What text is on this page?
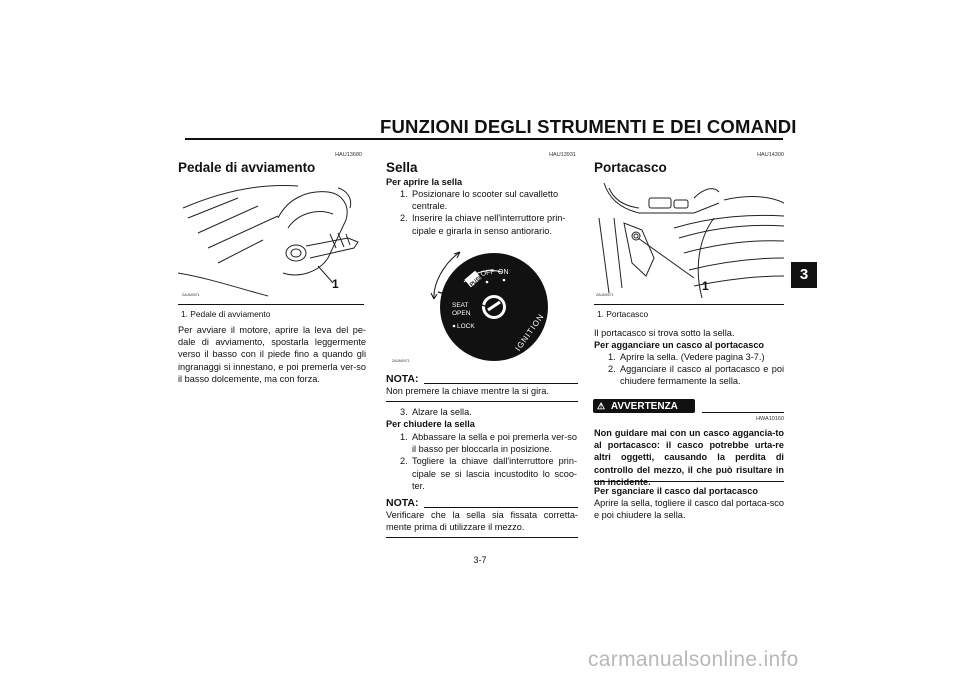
FUNZIONI DEGLI STRUMENTI E DEI COMANDI
3
HAU13680
Pedale di avviamento
ZAUM0071
1
1. Pedale di avviamento
Per avviare il motore, aprire la leva del pe-dale di avviamento, spostarla leggermente verso il basso con il piede fino a quando gli ingranaggi si innestano, e poi premerla ver-so il basso dolcemente, ma con forza.
HAU13931
Sella
Per aprire la sella
1. Posizionare lo scooter sul cavalletto centrale.
2. Inserire la chiave nell'interruttore prin-cipale e girarla in senso antiorario.
PUSH
OFF ON
SEAT
OPEN
LOCK	IGNITION
ZAUM0071
NOTA:
Non premere la chiave mentre la si gira.
3. Alzare la sella.
Per chiudere la sella
1. Abbassare la sella e poi premerla ver-so il basso per bloccarla in posizione.
2. Togliere la chiave dall'interruttore prin-cipale se si lascia incustodito lo scoo-ter.
NOTA:
Verificare che la sella sia fissata corretta-mente prima di utilizzare il mezzo.
HAU14300
Portacasco
ZAUM0071
1
1. Portacasco
Il portacasco si trova sotto la sella.
Per agganciare un casco al portacasco
1. Aprire la sella. (Vedere pagina 3-7.)
2. Agganciare il casco al portacasco e poi chiudere fermamente la sella.
⚠ AVVERTENZA
HWA10160
Non guidare mai con un casco aggancia-to al portacasco: il casco potrebbe urta-re altri oggetti, causando la perdita di controllo del mezzo, il che può risultare in
Per sganciare il casco dal portacasco
Aprire la sella, togliere il casco dal portaca-sco e poi chiudere la sella.
3-7
carmanualsonline.info
